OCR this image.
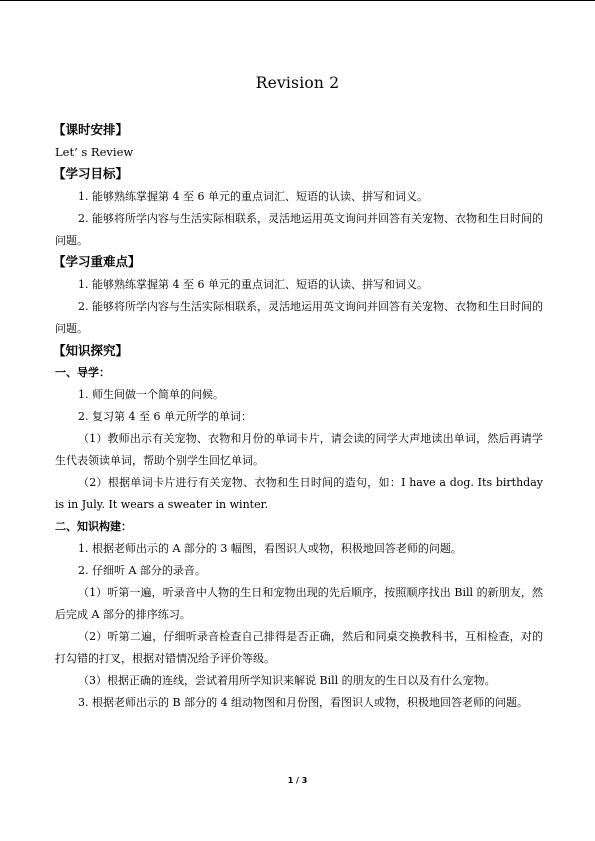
Revision 2
【课时安排】
Let’ s Review
【学习目标】
1. 能够熟练掌握第 4 至 6 单元的重点词汇、短语的认读、拼写和词义。
2. 能够将所学内容与生活实际相联系，灵活地运用英文询问并回答有关宠物、衣物和生日时间的问题。
【学习重难点】
1. 能够熟练掌握第 4 至 6 单元的重点词汇、短语的认读、拼写和词义。
2. 能够将所学内容与生活实际相联系，灵活地运用英文询问并回答有关宠物、衣物和生日时间的问题。
【知识探究】
一、导学：
1. 师生间做一个简单的问候。
2. 复习第 4 至 6 单元所学的单词：
（1）教师出示有关宠物、衣物和月份的单词卡片，请会读的同学大声地读出单词，然后再请学生代表领读单词，帮助个别学生回忆单词。
（2）根据单词卡片进行有关宠物、衣物和生日时间的造句，如：I have a dog. Its birthday is in July. It wears a sweater in winter.
二、知识构建：
1. 根据老师出示的 A 部分的 3 幅图，看图识人或物，积极地回答老师的问题。
2. 仔细听 A 部分的录音。
（1）听第一遍，听录音中人物的生日和宠物出现的先后顺序，按照顺序找出 Bill 的新朋友，然后完成 A 部分的排序练习。
（2）听第二遍，仔细听录音检查自己排得是否正确，然后和同桌交换教科书，互相检查，对的打勾错的打叉，根据对错情况给予评价等级。
（3）根据正确的连线，尝试着用所学知识来解说 Bill 的朋友的生日以及有什么宠物。
3. 根据老师出示的 B 部分的 4 组动物图和月份图，看图识人或物，积极地回答老师的问题。
1 / 3
